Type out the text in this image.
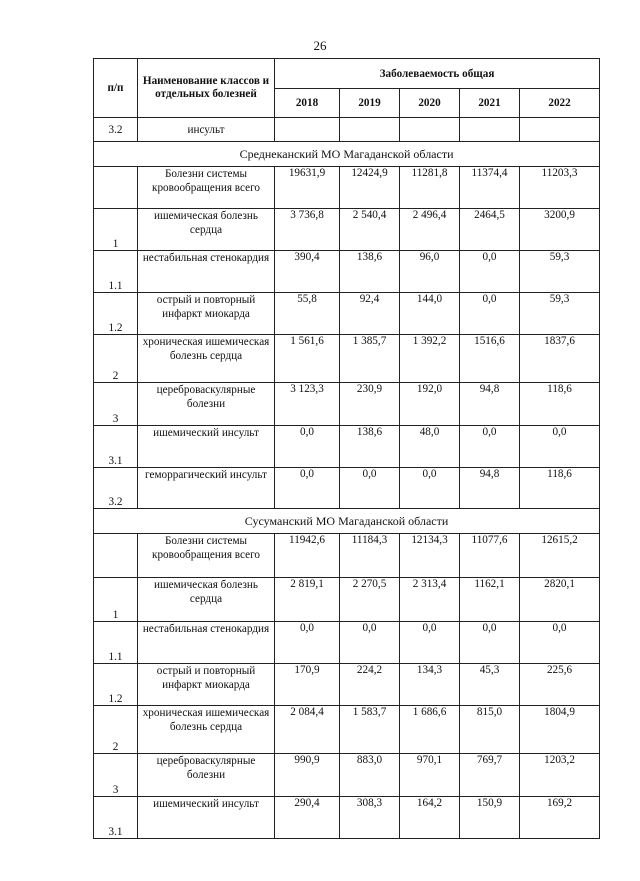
26
п/п	Наименование классов и отдельных болезней	Заболеваемость общая				
		2018	2019	2020	2021	2022
3.2	инсульт					
Среднеканский МО Магаданской области						
	Болезни системы кровообращения всего	19631,9	12424,9	11281,8	11374,4	11203,3
1	ишемическая болезнь сердца	3 736,8	2 540,4	2 496,4	2464,5	3200,9
1.1	нестабильная стенокардия	390,4	138,6	96,0	0,0	59,3
1.2	острый и повторный инфаркт миокарда	55,8	92,4	144,0	0,0	59,3
2	хроническая ишемическая болезнь сердца	1 561,6	1 385,7	1 392,2	1516,6	1837,6
3	цереброваскулярные болезни	3 123,3	230,9	192,0	94,8	118,6
3.1	ишемический инсульт	0,0	138,6	48,0	0,0	0,0
3.2	геморрагический инсульт	0,0	0,0	0,0	94,8	118,6
Сусуманский МО Магаданской области						
	Болезни системы кровообращения всего	11942,6	11184,3	12134,3	11077,6	12615,2
1	ишемическая болезнь сердца	2 819,1	2 270,5	2 313,4	1162,1	2820,1
1.1	нестабильная стенокардия	0,0	0,0	0,0	0,0	0,0
1.2	острый и повторный инфаркт миокарда	170,9	224,2	134,3	45,3	225,6
2	хроническая ишемическая болезнь сердца	2 084,4	1 583,7	1 686,6	815,0	1804,9
3	цереброваскулярные болезни	990,9	883,0	970,1	769,7	1203,2
3.1	ишемический инсульт	290,4	308,3	164,2	150,9	169,2
